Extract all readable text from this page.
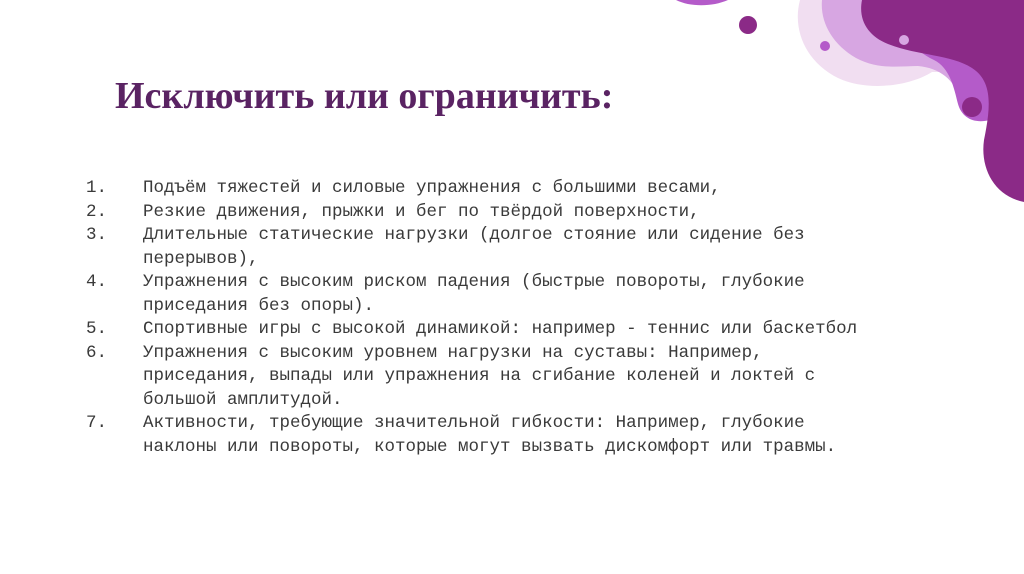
Исключить или ограничить:
1.	Подъём тяжестей и силовые упражнения с большими весами,
2.	Резкие движения, прыжки и бег по твёрдой поверхности,
3.	Длительные статические нагрузки (долгое стояние или сидение без перерывов),
4.	Упражнения с высоким риском падения (быстрые повороты, глубокие приседания без опоры).
5.	Спортивные игры с высокой динамикой: например - теннис или баскетбол
6.	Упражнения с высоким уровнем нагрузки на суставы: Например, приседания, выпады или упражнения на сгибание коленей и локтей с большой амплитудой.
7.	Активности, требующие значительной гибкости: Например, глубокие наклоны или повороты, которые могут вызвать дискомфорт или травмы.
